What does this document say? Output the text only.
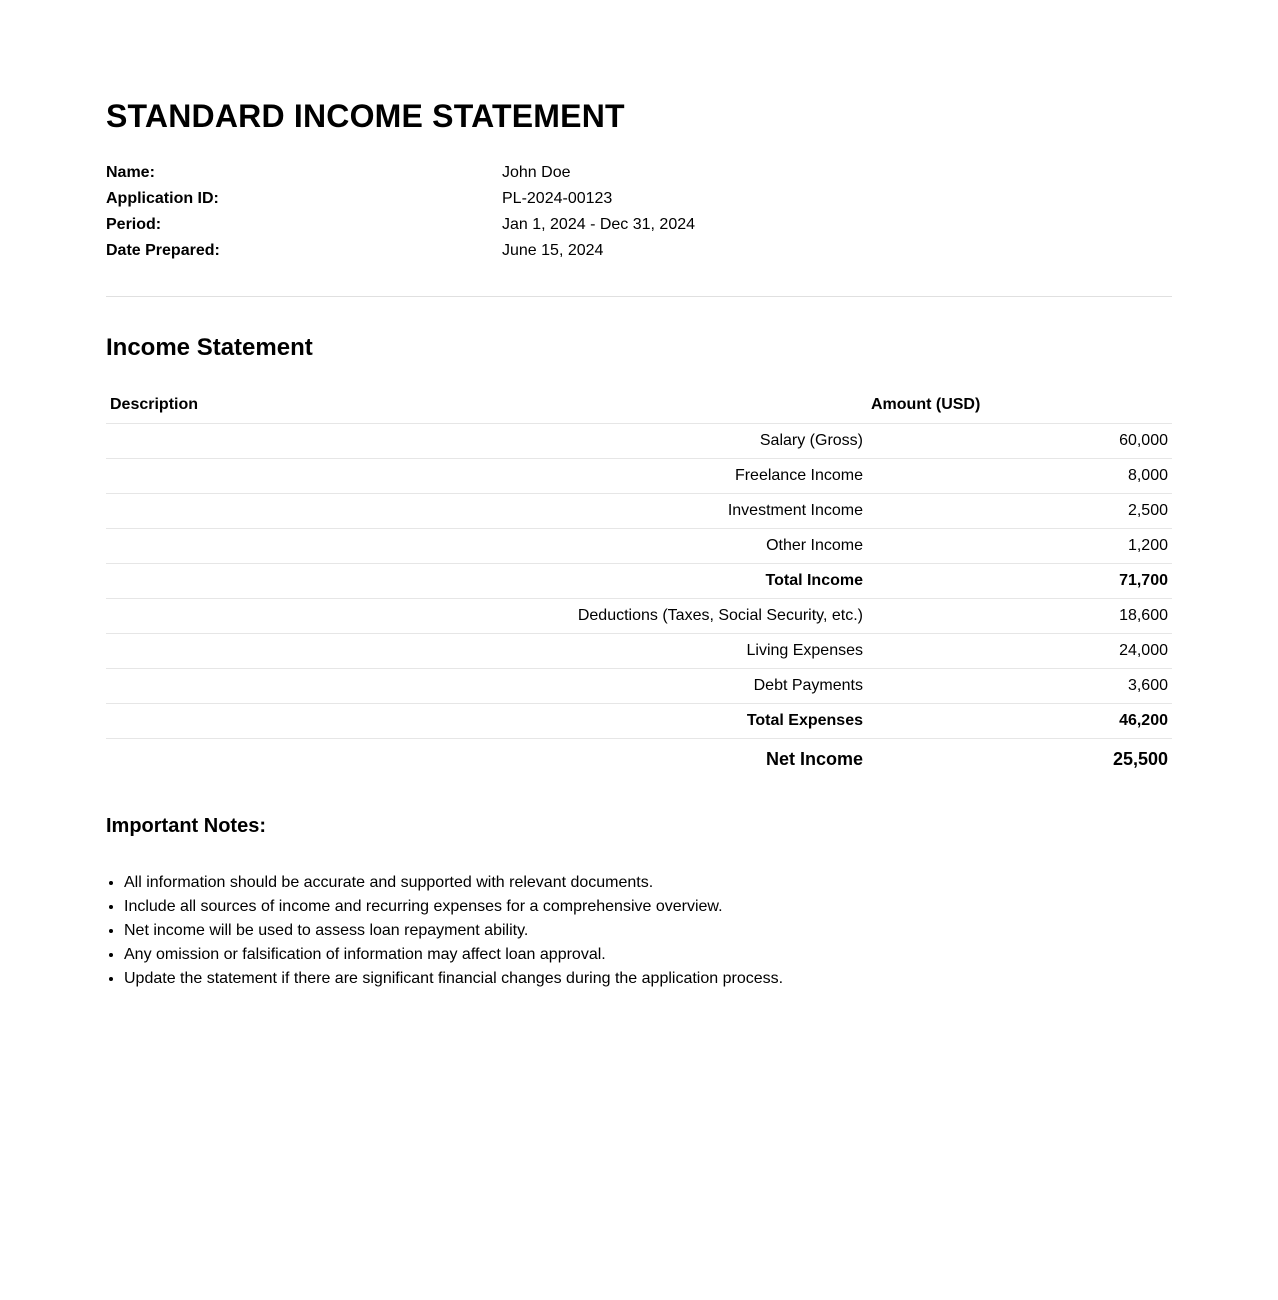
STANDARD INCOME STATEMENT
Name:	John Doe
Application ID:	PL-2024-00123
Period:	Jan 1, 2024 - Dec 31, 2024
Date Prepared:	June 15, 2024
Income Statement
Description	Amount (USD)
Salary (Gross)	60,000
Freelance Income	8,000
Investment Income	2,500
Other Income	1,200
Total Income	71,700
Deductions (Taxes, Social Security, etc.)	18,600
Living Expenses	24,000
Debt Payments	3,600
Total Expenses	46,200
Net Income	25,500
Important Notes:
• All information should be accurate and supported with relevant documents.
• Include all sources of income and recurring expenses for a comprehensive overview.
• Net income will be used to assess loan repayment ability.
• Any omission or falsification of information may affect loan approval.
• Update the statement if there are significant financial changes during the application process.
